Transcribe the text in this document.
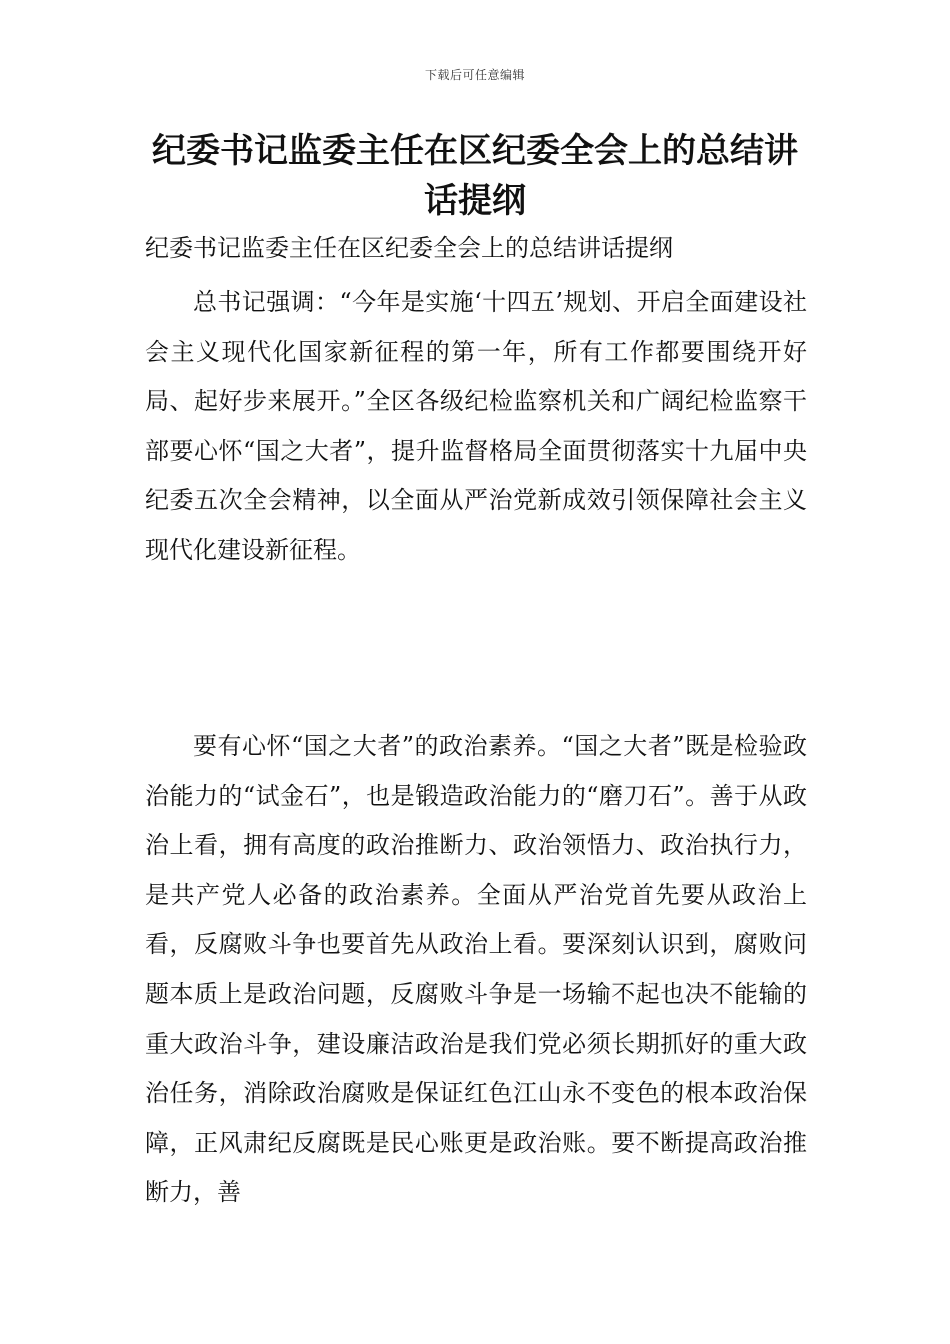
下载后可任意编辑
纪委书记监委主任在区纪委全会上的总结讲话提纲

纪委书记监委主任在区纪委全会上的总结讲话提纲

总书记强调：“今年是实施‘十四五’规划、开启全面建设社会主义现代化国家新征程的第一年，所有工作都要围绕开好局、起好步来展开。”全区各级纪检监察机关和广阔纪检监察干部要心怀“国之大者”，提升监督格局全面贯彻落实十九届中央纪委五次全会精神，以全面从严治党新成效引领保障社会主义现代化建设新征程。

要有心怀“国之大者”的政治素养。“国之大者”既是检验政治能力的“试金石”，也是锻造政治能力的“磨刀石”。善于从政治上看，拥有高度的政治推断力、政治领悟力、政治执行力，是共产党人必备的政治素养。全面从严治党首先要从政治上看，反腐败斗争也要首先从政治上看。要深刻认识到，腐败问题本质上是政治问题，反腐败斗争是一场输不起也决不能输的重大政治斗争，建设廉洁政治是我们党必须长期抓好的重大政治任务，消除政治腐败是保证红色江山永不变色的根本政治保障，正风肃纪反腐既是民心账更是政治账。要不断提高政治推断力，善
